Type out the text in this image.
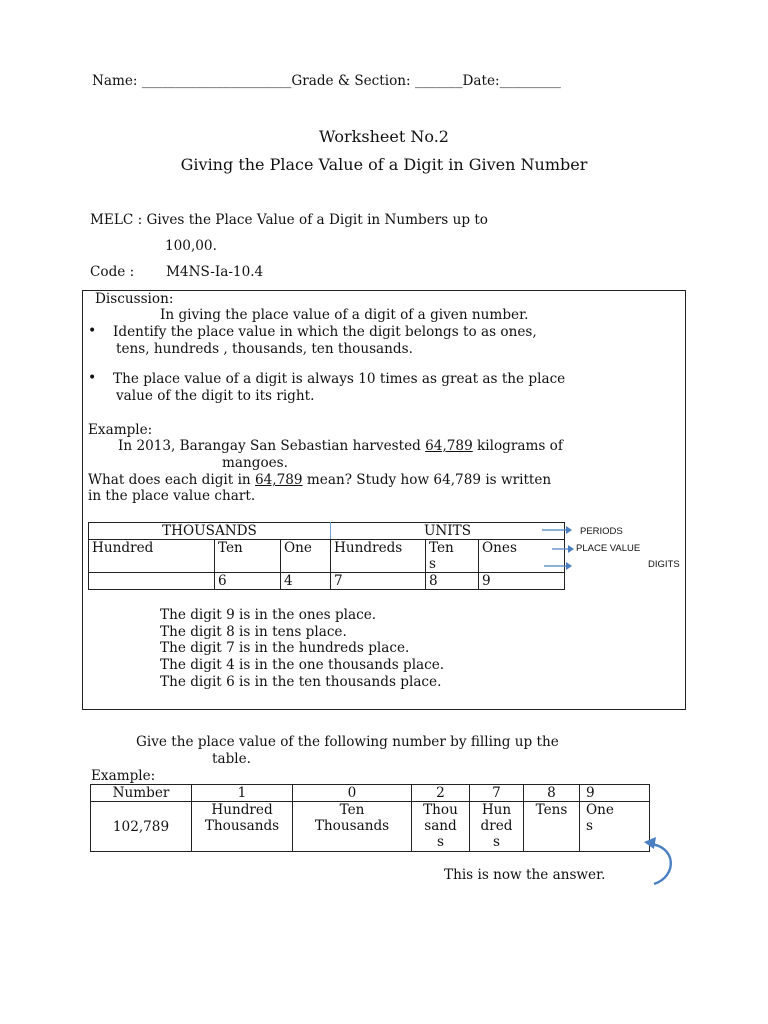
Name: ______________________Grade & Section: _______Date:_________
Worksheet No.2
Giving the Place Value of a Digit in Given Number
MELC : Gives the Place Value of a Digit in Numbers up to
100,00.
Code : M4NS-Ia-10.4
Discussion:
In giving the place value of a digit of a given number.
• Identify the place value in which the digit belongs to as ones,
tens, hundreds , thousands, ten thousands.
• The place value of a digit is always 10 times as great as the place
value of the digit to its right.
Example:
In 2013, Barangay San Sebastian harvested 64,789 kilograms of
mangoes.
What does each digit in 64,789 mean? Study how 64,789 is written
in the place value chart.
THOUSANDS			UNITS		
Hundred	Ten	One	Hundreds	Ten
s	Ones
	6	4	7	8	9
PERIODS
PLACE VALUE
DIGITS
The digit 9 is in the ones place.
The digit 8 is in tens place.
The digit 7 is in the hundreds place.
The digit 4 is in the one thousands place.
The digit 6 is in the ten thousands place.
Give the place value of the following number by filling up the
table.
Example:
Number	1	0	2	7	8	9
102,789	Hundred
Thousands	Ten
Thousands	Thou
sand
s	Hun
dred
s	Tens	One
s
This is now the answer.
